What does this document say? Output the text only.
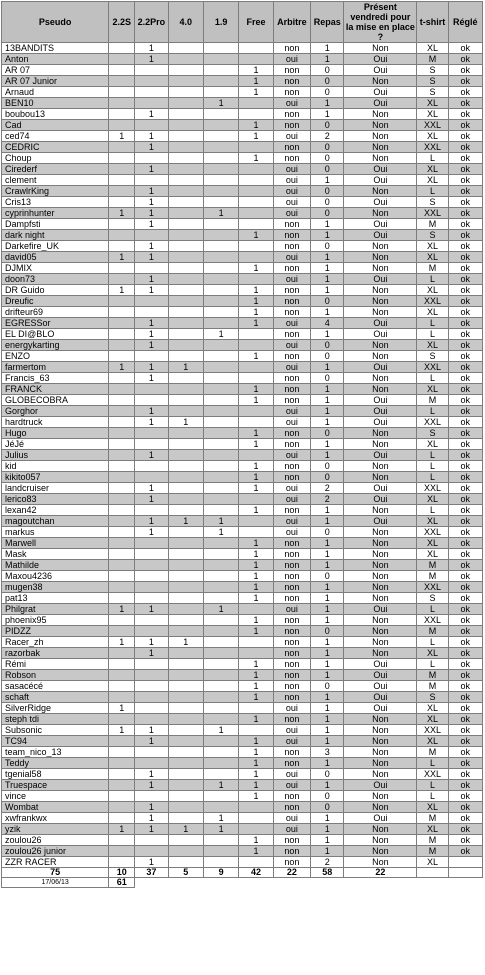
Pseudo	2.2S	2.2Pro	4.0	1.9	Free	Arbitre	Repas	Présent vendredi pour la mise en place ?	t-shirt	Réglé
13BANDITS		1				non	1	Non	XL	ok
Anton		1				oui	1	Oui	M	ok
AR 07					1	non	0	Oui	S	ok
AR 07 Junior					1	non	0	Non	S	ok
Arnaud					1	non	0	Oui	S	ok
BEN10				1		oui	1	Oui	XL	ok
boubou13		1				non	1	Non	XL	ok
Cad					1	non	0	Non	XXL	ok
ced74	1	1			1	oui	2	Non	XL	ok
CEDRIC		1				non	0	Non	XXL	ok
Choup					1	non	0	Non	L	ok
Cirederf		1				oui	0	Oui	XL	ok
clement						oui	1	Oui	XL	ok
CrawlrKing		1				oui	0	Non	L	ok
Cris13		1				oui	0	Oui	S	ok
cyprinhunter	1	1		1		oui	0	Non	XXL	ok
Dampfsti		1				non	1	Oui	M	ok
dark night					1	non	1	Oui	S	ok
Darkefire_UK		1				non	0	Non	XL	ok
david05	1	1				oui	1	Non	XL	ok
DJMIX					1	non	1	Non	M	ok
doon73		1				oui	1	Oui	L	ok
DR Guido	1	1			1	non	1	Non	XL	ok
Dreufic					1	non	0	Non	XXL	ok
drifteur69					1	non	1	Non	XL	ok
EGRESSor		1			1	oui	4	Oui	L	ok
EL DI@BLO		1		1		non	1	Oui	L	ok
energykarting		1				oui	0	Non	XL	ok
ENZO					1	non	0	Non	S	ok
farmertom	1	1	1			oui	1	Oui	XXL	ok
Francis_63		1				non	0	Non	L	ok
FRANCK					1	non	1	Non	XL	ok
GLOBECOBRA					1	non	1	Oui	M	ok
Gorghor		1				oui	1	Oui	L	ok
hardtruck		1	1			oui	1	Oui	XXL	ok
Hugo					1	non	0	Non	S	ok
JéJé					1	non	1	Non	XL	ok
Julius		1				oui	1	Oui	L	ok
kid					1	non	0	Non	L	ok
kikito057					1	non	0	Non	L	ok
landcruiser		1			1	oui	2	Oui	XXL	ok
lerico83		1				oui	2	Oui	XL	ok
lexan42					1	non	1	Non	L	ok
magoutchan		1	1	1		oui	1	Oui	XL	ok
markus		1		1		oui	0	Non	XXL	ok
Marwell					1	non	1	Non	XL	ok
Mask					1	non	1	Non	XL	ok
Mathilde					1	non	1	Non	M	ok
Maxou4236					1	non	0	Non	M	ok
mugen38					1	non	1	Non	XXL	ok
pat13					1	non	1	Non	S	ok
Philgrat	1	1		1		oui	1	Oui	L	ok
phoenix95					1	non	1	Non	XXL	ok
PIDZZ					1	non	0	Non	M	ok
Racer_zh	1	1	1			non	1	Non	L	ok
razorbak		1				non	1	Non	XL	ok
Rémi					1	non	1	Oui	L	ok
Robson					1	non	1	Oui	M	ok
sasacécé					1	non	0	Oui	M	ok
schaft					1	non	1	Oui	S	ok
SilverRidge	1					oui	1	Oui	XL	ok
steph tdi					1	non	1	Non	XL	ok
Subsonic	1	1		1		oui	1	Non	XXL	ok
TC94		1			1	oui	1	Non	XL	ok
team_nico_13					1	non	3	Non	M	ok
Teddy					1	non	1	Non	L	ok
tgenial58		1			1	oui	0	Non	XXL	ok
Truespace		1		1	1	oui	1	Oui	L	ok
vince					1	non	0	Non	L	ok
Wombat		1				non	0	Non	XL	ok
xwfrankwx		1		1		oui	1	Oui	M	ok
yzik	1	1	1	1		oui	1	Non	XL	ok
zoulou26					1	non	1	Non	M	ok
zoulou26 junior					1	non	1	Non	M	ok
ZZR RACER		1				non	2	Non	XL	
75	10	37	5	9	42	22	58	22		
17/06/13	61									
